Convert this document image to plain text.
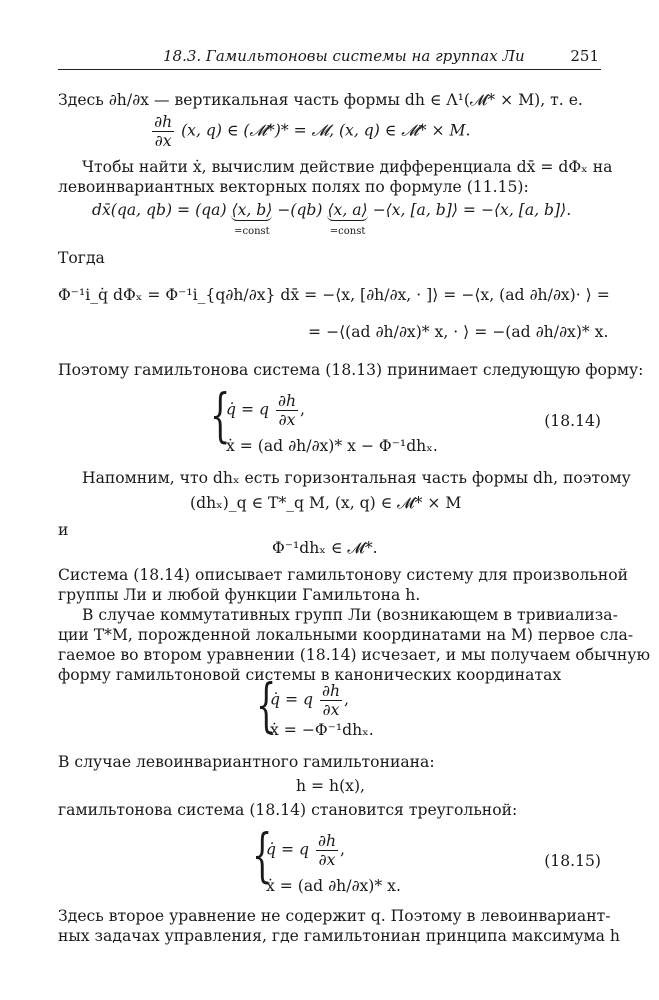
18.3. Гамильтоновы системы на группах Ли	251
Здесь ∂h/∂x — вертикальная часть формы dh ∈ Λ¹(𝓜* × M), т. е.
$\frac{\partial h}{\partial x} (x$, q) ∈ (𝓜*)* = 𝓜, (x, q) ∈ 𝓜* × M.
Чтобы найти ẋ, вычислим действие дифференциала dx̄ = dΦₓ на
левоинвариантных векторных полях по формуле (11.15):
dx̄(qa, qb) = (qa) ⟨x, b⟩
=const
−(qb) ⟨x, a⟩
=const
−⟨x, [a, b]⟩ = −⟨x, [a, b]⟩.
Тогда
Φ⁻¹i_q̇ dΦₓ = Φ⁻¹i_{q∂h/∂x} dx̄ = −⟨x, [∂h/∂x, · ]⟩ = −⟨x, (ad ∂h/∂x)· ⟩ =
= −⟨(ad ∂h/∂x)* x, · ⟩ = −(ad ∂h/∂x)* x.
Поэтому гамильтонова система (18.13) принимает следующую форму:
{
q̇ = q $\frac{\partial h}{\partial x}$ ,
ẋ = (ad ∂h/∂x)* x − Φ⁻¹dhₓ.
(18.14)
Напомним, что dhₓ есть горизонтальная часть формы dh, поэтому
(dhₓ)_q ∈ T*_q M, (x, q) ∈ 𝓜* × M
и
Φ⁻¹dhₓ ∈ 𝓜*.
Система (18.14) описывает гамильтонову систему для произвольной
группы Ли и любой функции Гамильтона h.
В случае коммутативных групп Ли (возникающем в тривиализа-
ции T*M, порожденной локальными координатами на M) первое сла-
гаемое во втором уравнении (18.14) исчезает, и мы получаем обычную
форму гамильтоновой системы в канонических координатах
{
q̇ = q $\frac{\partial h}{\partial x}$ ,
ẋ = −Φ⁻¹dhₓ.
В случае левоинвариантного гамильтониана:
h = h(x),
гамильтонова система (18.14) становится треугольной:
{
q̇ = q $\frac{\partial h}{\partial x}$ ,
ẋ = (ad ∂h/∂x)* x.
(18.15)
Здесь второе уравнение не содержит q. Поэтому в левоинвариант-
ных задачах управления, где гамильтониан принципа максимума h
